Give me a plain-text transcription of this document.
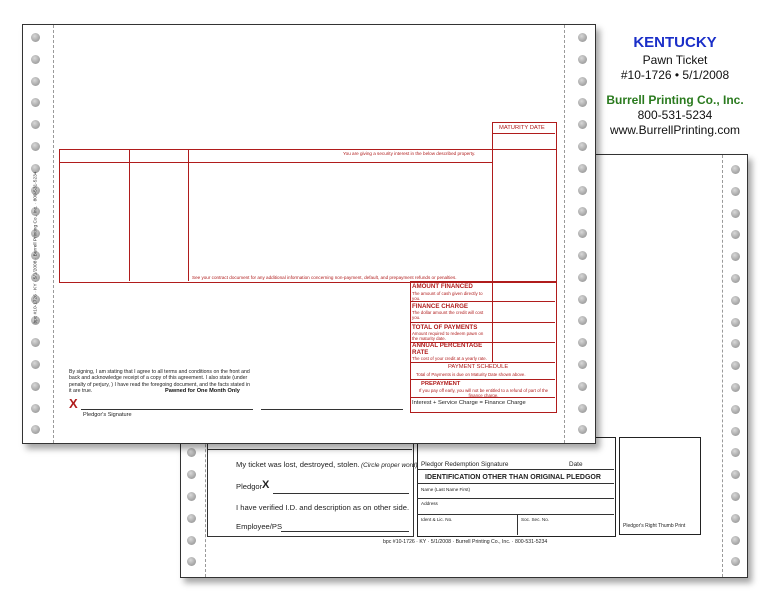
My ticket was lost, destroyed, stolen. (Circle proper word)
Pledgor X
I have verified I.D. and description as on other side.
Employee/PS
Pledgor Redemption Signature	Date
IDENTIFICATION OTHER THAN ORIGINAL PLEDGOR
Name (Last Name First)
Address
Ident & Lic. No.	Soc. Sec. No.
Pledgor's Right Thumb Print
bpc #10-1726 · KY · 5/1/2008 · Burrell Printing Co., Inc. · 800-531-5234
bpc #10-1726 · KY · 5/1/2008 · Burrell Printing Co., Inc. · 800-531-5234
You are giving a security interest in the below described property.
See your contract document for any additional information concerning non-payment, default, and prepayment refunds or penalties.
MATURITY DATE
AMOUNT FINANCED
The amount of cash given directly to you.
FINANCE CHARGE
The dollar amount the credit will cost you.
TOTAL OF PAYMENTS
Amount required to redeem pawn on the maturity date.
ANNUAL PERCENTAGE RATE
The cost of your credit at a yearly rate.
PAYMENT SCHEDULE
Total of Payments is due on Maturity Date shown above.
PREPAYMENT
If you pay off early, you will not be entitled to a refund of part of the finance charge.
Interest + Service Charge = Finance Charge
By signing, I am stating that I agree to all terms and conditions on the front and back and acknowledge receipt of a copy of this agreement. I also state (under penalty of perjury, ) I have read the foregoing document, and the facts stated in it are true.	Pawned for One Month Only
X
Pledgor's Signature
KENTUCKY
Pawn Ticket
#10-1726 • 5/1/2008
Burrell Printing Co., Inc.
800-531-5234
www.BurrellPrinting.com
